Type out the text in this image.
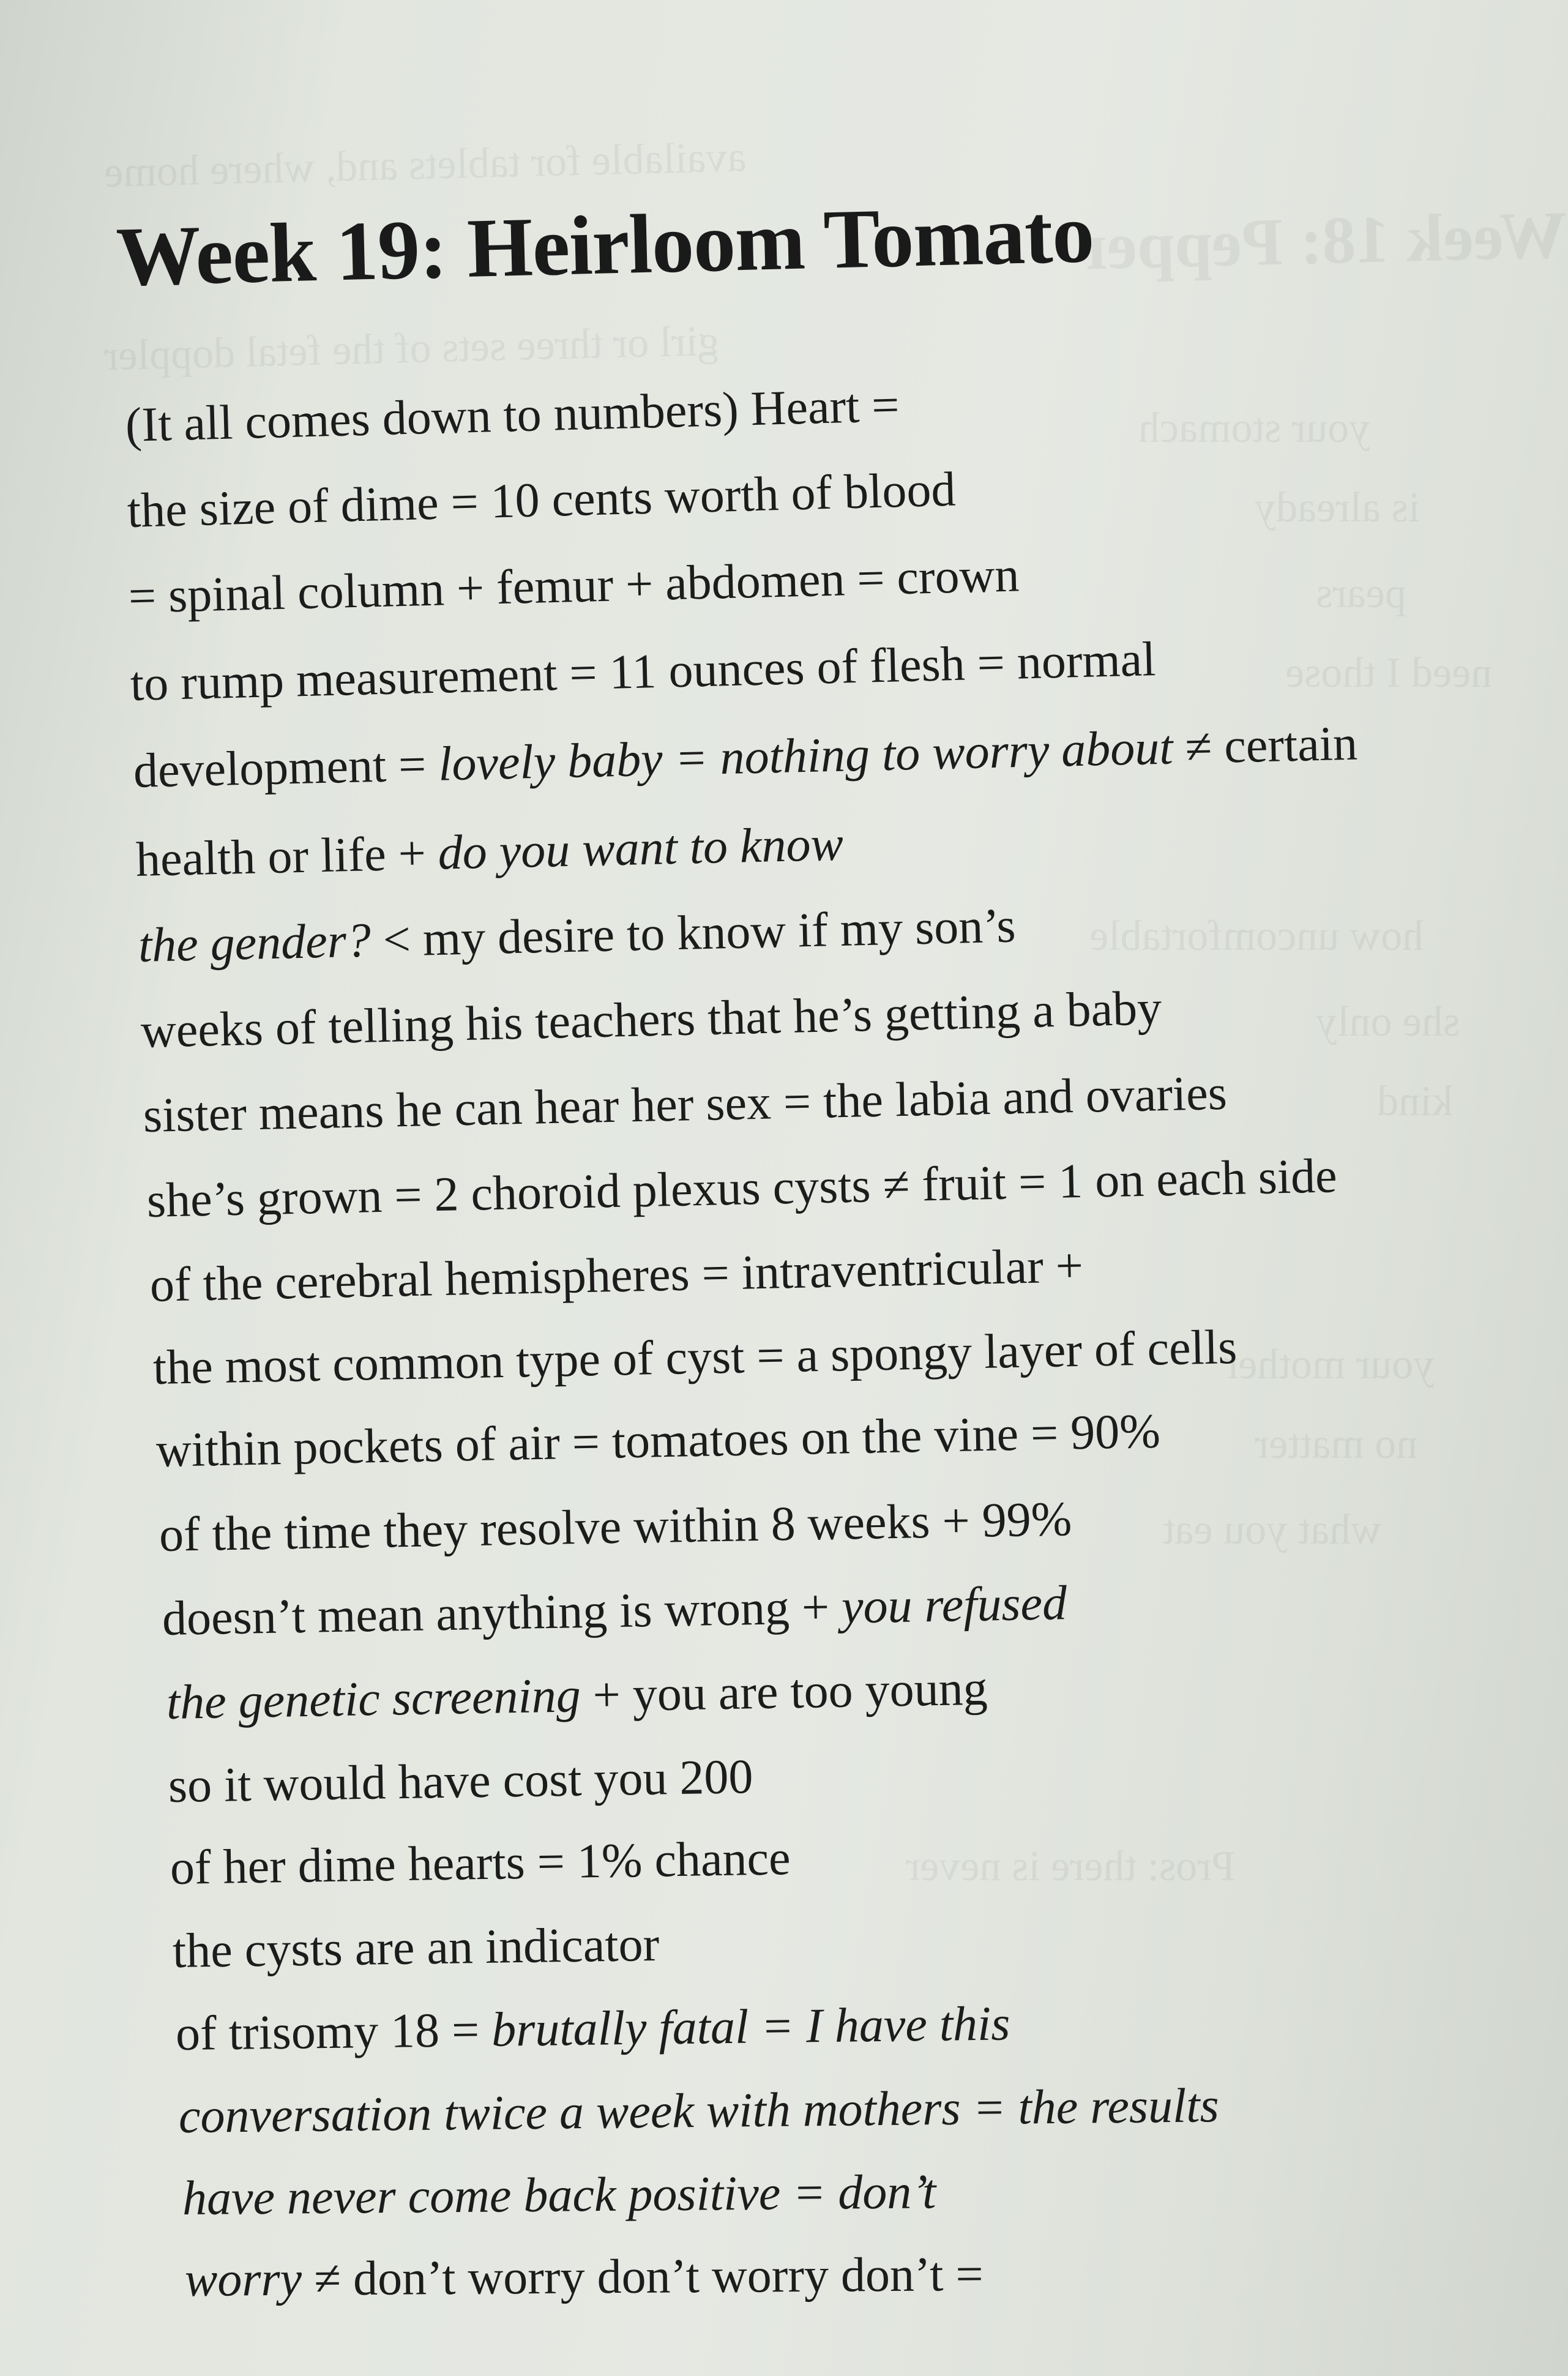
Week 18: Pepper
available for tablets and, where home
girl or three sets of the fetal doppler
your stomach
is already
pears
need I those
how uncomfortable
she only
kind
your mother
no matter
what you eat
Pros: there is never
Week 19: Heirloom Tomato
(It all comes down to numbers) Heart =
the size of dime = 10 cents worth of blood
= spinal column + femur + abdomen = crown
to rump measurement = 11 ounces of flesh = normal
development = lovely baby = nothing to worry about ≠ certain
health or life + do you want to know
the gender? < my desire to know if my son’s
weeks of telling his teachers that he’s getting a baby
sister means he can hear her sex = the labia and ovaries
she’s grown = 2 choroid plexus cysts ≠ fruit = 1 on each side
of the cerebral hemispheres = intraventricular +
the most common type of cyst = a spongy layer of cells
within pockets of air = tomatoes on the vine = 90%
of the time they resolve within 8 weeks + 99%
doesn’t mean anything is wrong + you refused
the genetic screening + you are too young
so it would have cost you 200
of her dime hearts = 1% chance
the cysts are an indicator
of trisomy 18 = brutally fatal = I have this
conversation twice a week with mothers = the results
have never come back positive = don’t
worry ≠ don’t worry don’t worry don’t =
